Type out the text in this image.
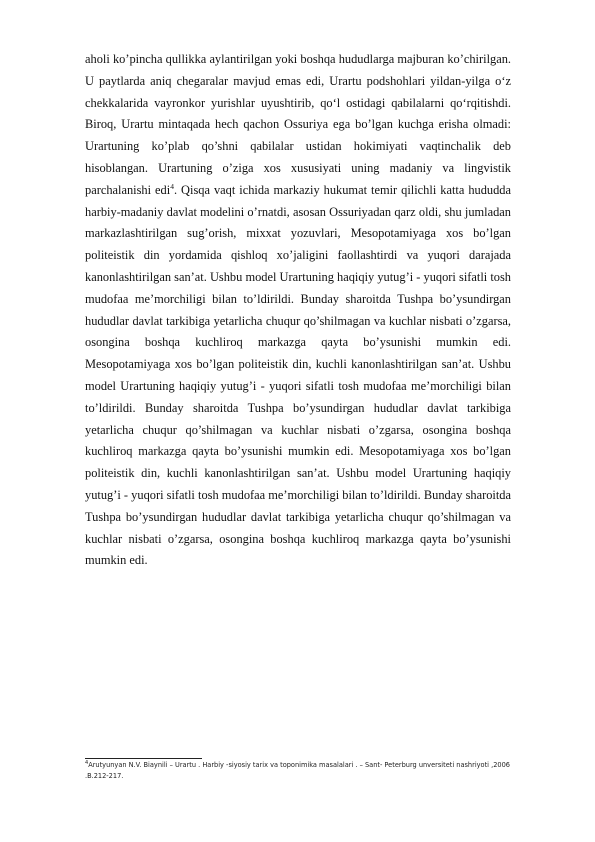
aholi ko’pincha qullikka aylantirilgan yoki boshqa hududlarga majburan ko’chirilgan. U paytlarda aniq chegaralar mavjud emas edi, Urartu podshohlari yildan-yilga o‘z chekkalarida vayronkor yurishlar uyushtirib, qo‘l ostidagi qabilalarni qo‘rqitishdi. Biroq, Urartu mintaqada hech qachon Ossuriya ega bo’lgan kuchga erisha olmadi: Urartuning ko’plab qo’shni qabilalar ustidan hokimiyati vaqtinchalik deb hisoblangan. Urartuning o’ziga xos xususiyati uning madaniy va lingvistik parchalanishi edi$^4$. Qisqa vaqt ichida markaziy hukumat temir qilichli katta hududda harbiy-madaniy davlat modelini o’rnatdi, asosan Ossuriyadan qarz oldi, shu jumladan markazlashtirilgan sug’orish, mixxat yozuvlari, Mesopotamiyaga xos bo’lgan politeistik din yordamida qishloq xo’jaligini faollashtirdi va yuqori darajada kanonlashtirilgan san’at. Ushbu model Urartuning haqiqiy yutug’i - yuqori sifatli tosh mudofaa me’morchiligi bilan to’ldirildi. Bunday sharoitda Tushpa bo’ysundirgan hududlar davlat tarkibiga yetarlicha chuqur qo’shilmagan va kuchlar nisbati o’zgarsa, osongina boshqa kuchliroq markazga qayta bo’ysunishi mumkin edi. Mesopotamiyaga xos bo’lgan politeistik din, kuchli kanonlashtirilgan san’at. Ushbu model Urartuning haqiqiy yutug’i - yuqori sifatli tosh mudofaa me’morchiligi bilan to’ldirildi. Bunday sharoitda Tushpa bo’ysundirgan hududlar davlat tarkibiga yetarlicha chuqur qo’shilmagan va kuchlar nisbati o’zgarsa, osongina boshqa kuchliroq markazga qayta bo’ysunishi mumkin edi. Mesopotamiyaga xos bo’lgan politeistik din, kuchli kanonlashtirilgan san’at. Ushbu model Urartuning haqiqiy yutug’i - yuqori sifatli tosh mudofaa me’morchiligi bilan to’ldirildi. Bunday sharoitda Tushpa bo’ysundirgan hududlar davlat tarkibiga yetarlicha chuqur qo’shilmagan va kuchlar nisbati o’zgarsa, osongina boshqa kuchliroq markazga qayta bo’ysunishi mumkin edi.

$^4$Arutyunyan N.V. Biaynili – Urartu . Harbiy -siyosiy tarix va toponimika masalalari . – Sant- Peterburg unversiteti nashriyoti ,2006 .B.212-217.
